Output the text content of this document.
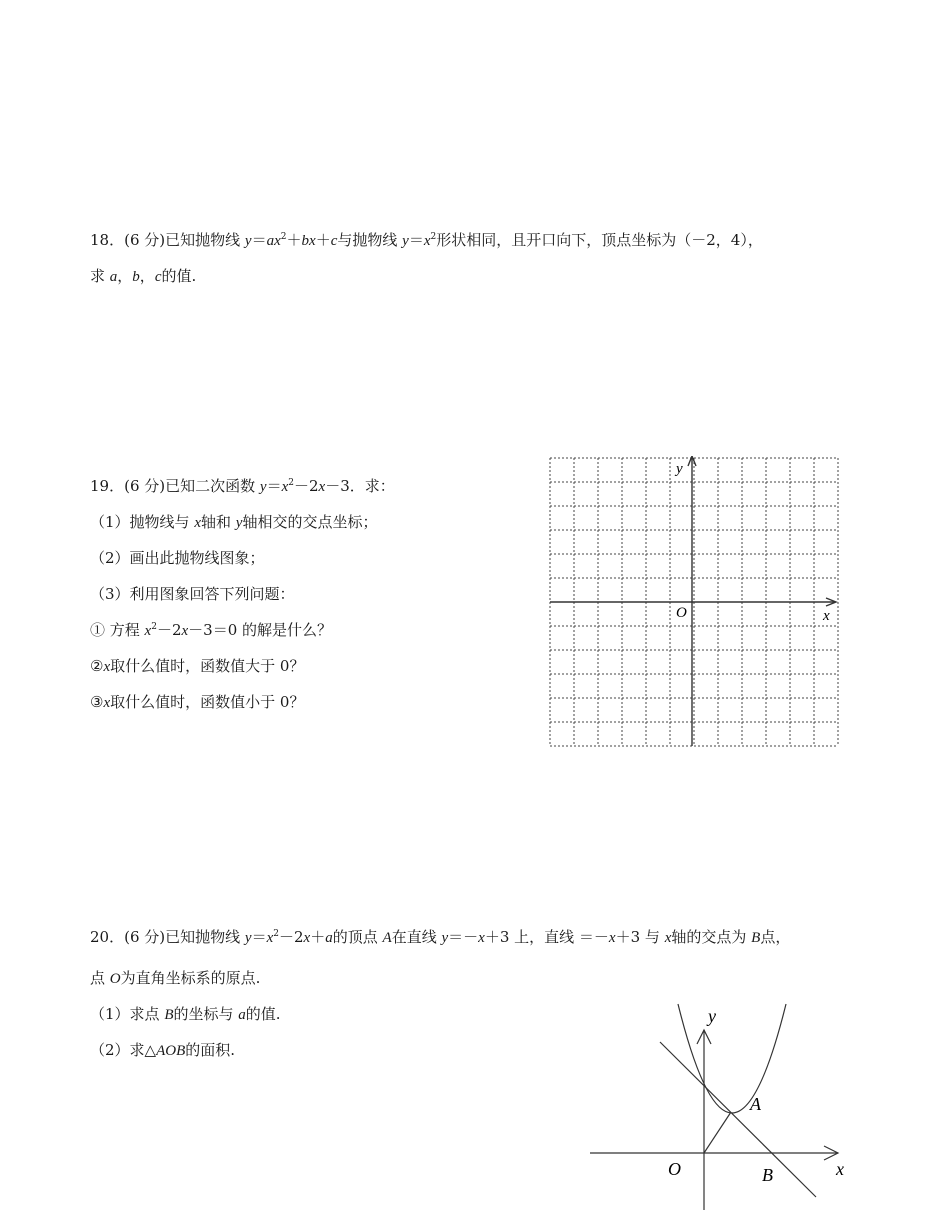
18．(6 分)已知抛物线 $y=ax^2+bx+c$与抛物线 $y=x^2$形状相同，且开口向下，顶点坐标为（－2，4），
求 a，b，c的值.
19．(6 分)已知二次函数 $y=x^2-2x-3$．求：
（1）抛物线与 x轴和 y轴相交的交点坐标；
（2）画出此抛物线图象；
（3）利用图象回答下列问题：
① 方程 $x^2-2x-3=0$ 的解是什么？
②x取什么值时，函数值大于 0？
③x取什么值时，函数值小于 0？
y
x
O
20．(6 分)已知抛物线 $y=x^2-2x+a$的顶点 A在直线 y＝－x＋3 上，直线 ＝－x＋3 与 x轴的交点为 B点，
点 O为直角坐标系的原点.
（1）求点 B的坐标与 a的值.
（2）求△AOB的面积.
y
x
O
A
B
